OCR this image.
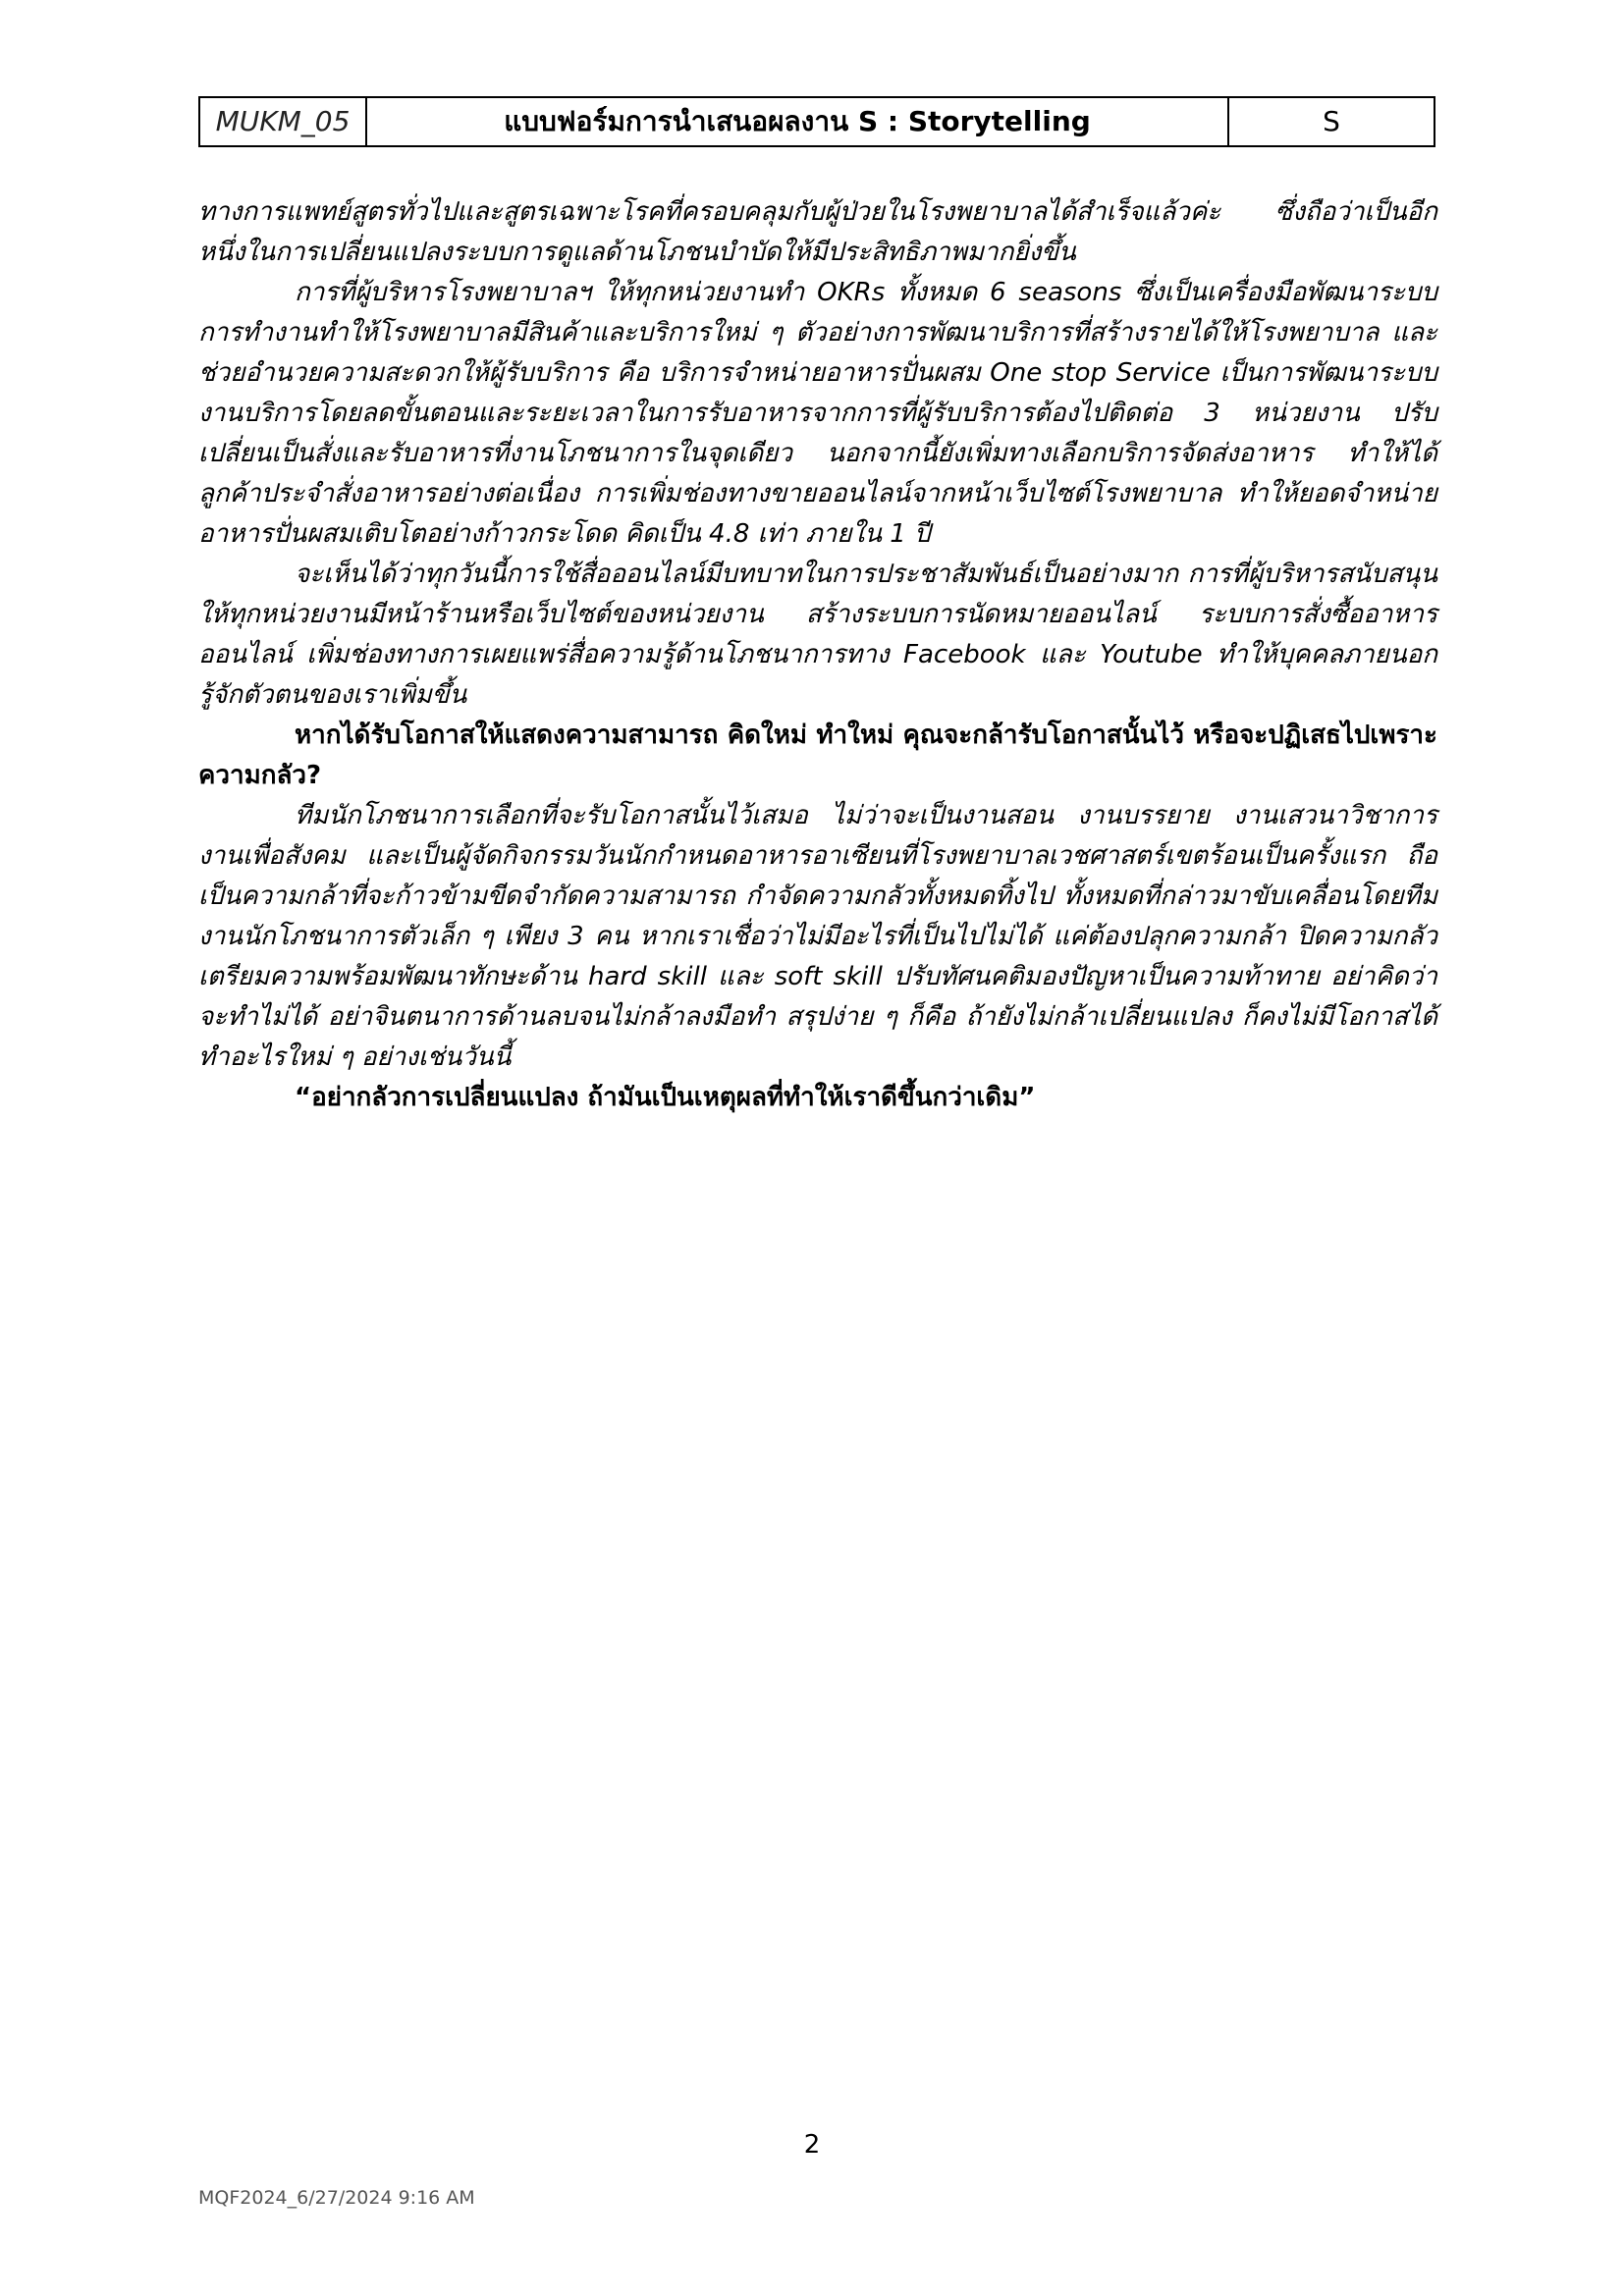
MUKM_05	แบบฟอร์มการนำเสนอผลงาน S : Storytelling	S

ทางการแพทย์สูตรทั่วไปและสูตรเฉพาะโรคที่ครอบคลุมกับผู้ป่วยในโรงพยาบาลได้สำเร็จแล้วค่ะ ซึ่งถือว่าเป็นอีกหนึ่งในการเปลี่ยนแปลงระบบการดูแลด้านโภชนบำบัดให้มีประสิทธิภาพมากยิ่งขึ้น

การที่ผู้บริหารโรงพยาบาลฯ ให้ทุกหน่วยงานทำ OKRs ทั้งหมด 6 seasons ซึ่งเป็นเครื่องมือพัฒนาระบบการทำงานทำให้โรงพยาบาลมีสินค้าและบริการใหม่ ๆ ตัวอย่างการพัฒนาบริการที่สร้างรายได้ให้โรงพยาบาล และช่วยอำนวยความสะดวกให้ผู้รับบริการ คือ บริการจำหน่ายอาหารปั่นผสม One stop Service เป็นการพัฒนาระบบงานบริการโดยลดขั้นตอนและระยะเวลาในการรับอาหารจากการที่ผู้รับบริการต้องไปติดต่อ 3 หน่วยงาน ปรับเปลี่ยนเป็นสั่งและรับอาหารที่งานโภชนาการในจุดเดียว นอกจากนี้ยังเพิ่มทางเลือกบริการจัดส่งอาหาร ทำให้ได้ลูกค้าประจำสั่งอาหารอย่างต่อเนื่อง การเพิ่มช่องทางขายออนไลน์จากหน้าเว็บไซต์โรงพยาบาล ทำให้ยอดจำหน่ายอาหารปั่นผสมเติบโตอย่างก้าวกระโดด คิดเป็น 4.8 เท่า ภายใน 1 ปี

จะเห็นได้ว่าทุกวันนี้การใช้สื่อออนไลน์มีบทบาทในการประชาสัมพันธ์เป็นอย่างมาก การที่ผู้บริหารสนับสนุนให้ทุกหน่วยงานมีหน้าร้านหรือเว็บไซต์ของหน่วยงาน สร้างระบบการนัดหมายออนไลน์ ระบบการสั่งซื้ออาหารออนไลน์ เพิ่มช่องทางการเผยแพร่สื่อความรู้ด้านโภชนาการทาง Facebook และ Youtube ทำให้บุคคลภายนอกรู้จักตัวตนของเราเพิ่มขึ้น

หากได้รับโอกาสให้แสดงความสามารถ คิดใหม่ ทำใหม่ คุณจะกล้ารับโอกาสนั้นไว้ หรือจะปฏิเสธไปเพราะความกลัว?

ทีมนักโภชนาการเลือกที่จะรับโอกาสนั้นไว้เสมอ ไม่ว่าจะเป็นงานสอน งานบรรยาย งานเสวนาวิชาการ งานเพื่อสังคม และเป็นผู้จัดกิจกรรมวันนักกำหนดอาหารอาเซียนที่โรงพยาบาลเวชศาสตร์เขตร้อนเป็นครั้งแรก ถือเป็นความกล้าที่จะก้าวข้ามขีดจำกัดความสามารถ กำจัดความกลัวทั้งหมดทิ้งไป ทั้งหมดที่กล่าวมาขับเคลื่อนโดยทีมงานนักโภชนาการตัวเล็ก ๆ เพียง 3 คน หากเราเชื่อว่าไม่มีอะไรที่เป็นไปไม่ได้ แค่ต้องปลุกความกล้า ปิดความกลัว เตรียมความพร้อมพัฒนาทักษะด้าน hard skill และ soft skill ปรับทัศนคติมองปัญหาเป็นความท้าทาย อย่าคิดว่าจะทำไม่ได้ อย่าจินตนาการด้านลบจนไม่กล้าลงมือทำ สรุปง่าย ๆ ก็คือ ถ้ายังไม่กล้าเปลี่ยนแปลง ก็คงไม่มีโอกาสได้ทำอะไรใหม่ ๆ อย่างเช่นวันนี้

“อย่ากลัวการเปลี่ยนแปลง ถ้ามันเป็นเหตุผลที่ทำให้เราดีขึ้นกว่าเดิม”

2
MQF2024_6/27/2024 9:16 AM
